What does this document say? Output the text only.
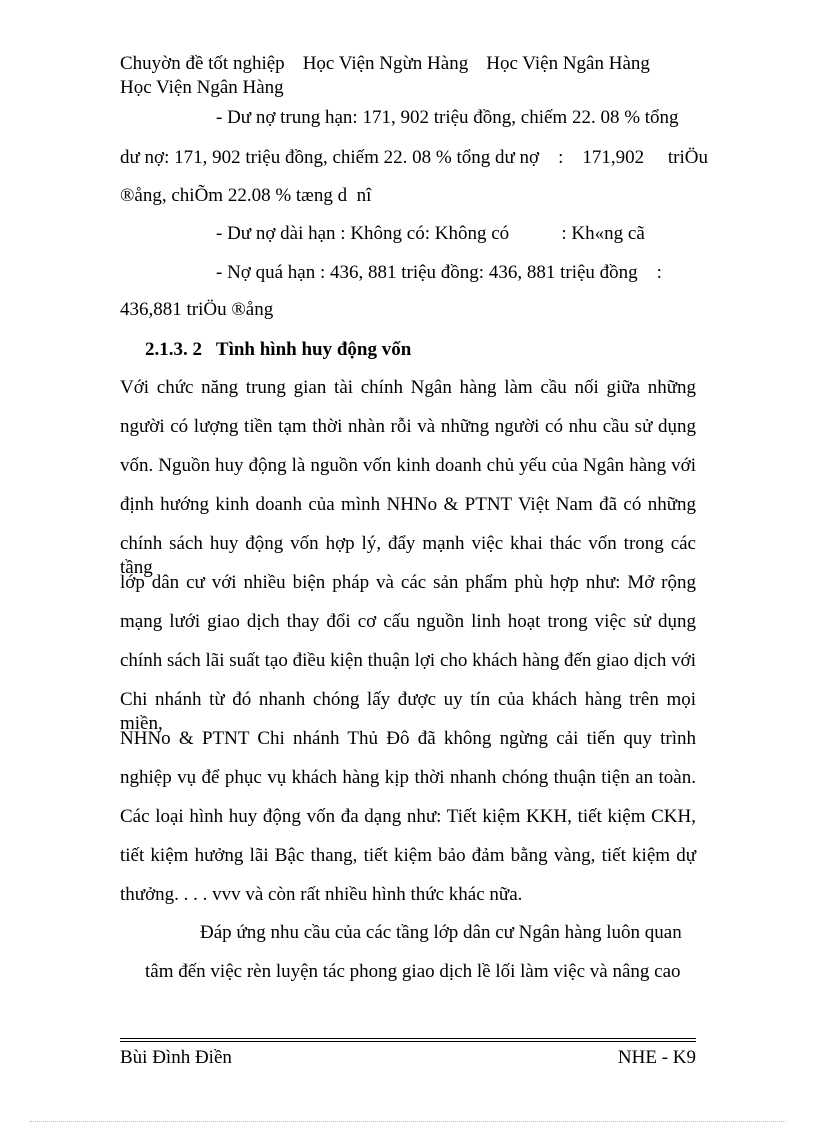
Chuyờn đề tốt nghiệp Học Viện Ngừn Hàng Học Viện Ngân Hàng
Học Viện Ngân Hàng
- Dư nợ trung hạn: 171, 902 triệu đồng, chiếm 22. 08 % tổng
dư nợ: 171, 902 triệu đồng, chiếm 22. 08 % tổng dư nợ    :    171,902     triÖu
®ång, chiÕm 22.08 % tæng d  nî
- Dư nợ dài hạn : Không có: Không có           : Kh«ng cã
- Nợ quá hạn : 436, 881 triệu đồng: 436, 881 triệu đồng    :
436,881 triÖu ®ång
2.1.3. 2   Tình hình huy động vốn
Với chức năng trung gian tài chính Ngân hàng làm cầu nối giữa những
người có lượng tiền tạm thời nhàn rỗi và những người có nhu cầu sử dụng
vốn. Nguồn huy động là nguồn vốn kinh doanh chủ yếu của Ngân hàng với
định hướng kinh doanh của mình NHNo & PTNT Việt Nam đã có những
chính sách huy động vốn hợp lý, đẩy mạnh việc khai thác vốn trong các tầng
lớp dân cư với nhiều biện pháp và các sản phẩm phù hợp như: Mở rộng
mạng lưới giao dịch thay đổi cơ cấu nguồn linh hoạt trong việc sử dụng
chính sách lãi suất tạo điều kiện thuận lợi cho khách hàng đến giao dịch với
Chi nhánh từ đó nhanh chóng lấy được uy tín của khách hàng trên mọi miền,
NHNo & PTNT Chi nhánh Thủ Đô đã không ngừng cải tiến quy trình
nghiệp vụ để phục vụ khách hàng kịp thời nhanh chóng thuận tiện an toàn.
Các loại hình huy động vốn đa dạng như: Tiết kiệm KKH, tiết kiệm CKH,
tiết kiệm hưởng lãi Bậc thang, tiết kiệm bảo đảm bằng vàng, tiết kiệm dự
thưởng. . . . vvv và còn rất nhiều hình thức khác nữa.
Đáp ứng nhu cầu của các tầng lớp dân cư Ngân hàng luôn quan
tâm đến việc rèn luyện tác phong giao dịch lề lối làm việc và nâng cao
Bùi Đình Điền	NHE - K9
